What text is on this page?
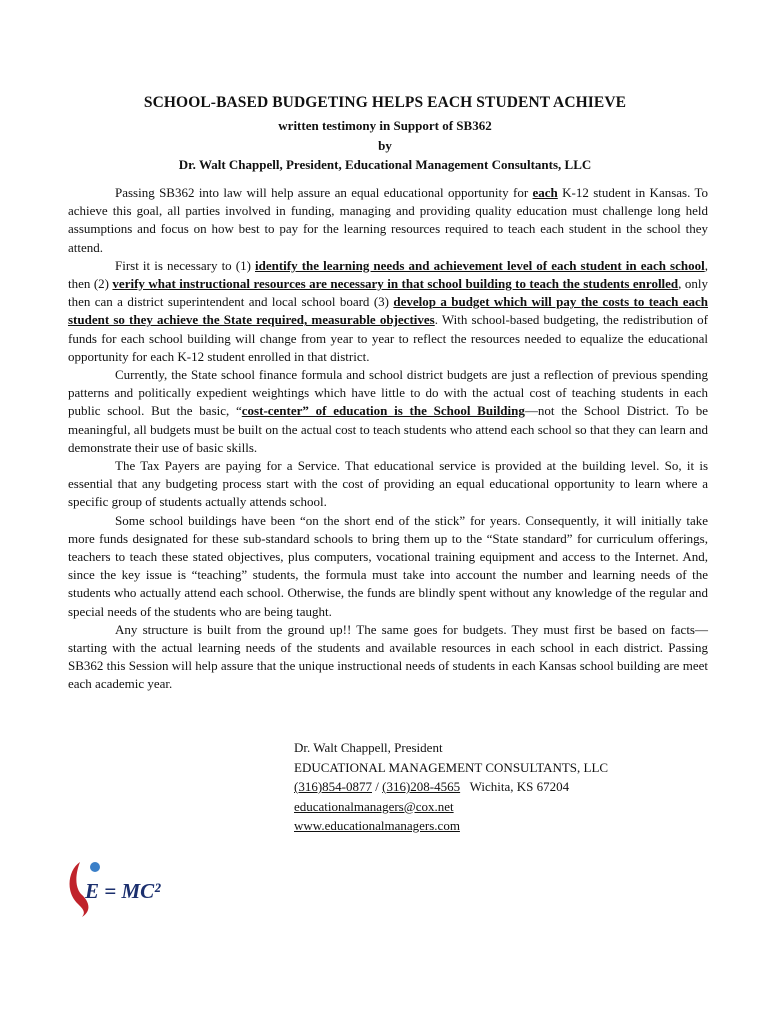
SCHOOL-BASED BUDGETING HELPS EACH STUDENT ACHIEVE
written testimony in Support of SB362
by
Dr. Walt Chappell, President, Educational Management Consultants, LLC

Passing SB362 into law will help assure an equal educational opportunity for each K-12 student in Kansas. To achieve this goal, all parties involved in funding, managing and providing quality education must challenge long held assumptions and focus on how best to pay for the learning resources required to teach each student in the school they attend.

First it is necessary to (1) identify the learning needs and achievement level of each student in each school, then (2) verify what instructional resources are necessary in that school building to teach the students enrolled, only then can a district superintendent and local school board (3) develop a budget which will pay the costs to teach each student so they achieve the State required, measurable objectives. With school-based budgeting, the redistribution of funds for each school building will change from year to year to reflect the resources needed to equalize the educational opportunity for each K-12 student enrolled in that district.

Currently, the State school finance formula and school district budgets are just a reflection of previous spending patterns and politically expedient weightings which have little to do with the actual cost of teaching students in each public school. But the basic, “cost-center” of education is the School Building—not the School District. To be meaningful, all budgets must be built on the actual cost to teach students who attend each school so that they can learn and demonstrate their use of basic skills.

The Tax Payers are paying for a Service. That educational service is provided at the building level. So, it is essential that any budgeting process start with the cost of providing an equal educational opportunity to learn where a specific group of students actually attends school.

Some school buildings have been “on the short end of the stick” for years. Consequently, it will initially take more funds designated for these sub-standard schools to bring them up to the “State standard” for curriculum offerings, teachers to teach these stated objectives, plus computers, vocational training equipment and access to the Internet. And, since the key issue is “teaching” students, the formula must take into account the number and learning needs of the students who actually attend each school. Otherwise, the funds are blindly spent without any knowledge of the regular and special needs of the students who are being taught.

Any structure is built from the ground up!! The same goes for budgets. They must first be based on facts—starting with the actual learning needs of the students and available resources in each school in each district. Passing SB362 this Session will help assure that the unique instructional needs of students in each Kansas school building are meet each academic year.

Dr. Walt Chappell, President
EDUCATIONAL MANAGEMENT CONSULTANTS, LLC
(316)854-0877 / (316)208-4565   Wichita, KS 67204
educationalmanagers@cox.net
www.educationalmanagers.com
E = MC²
